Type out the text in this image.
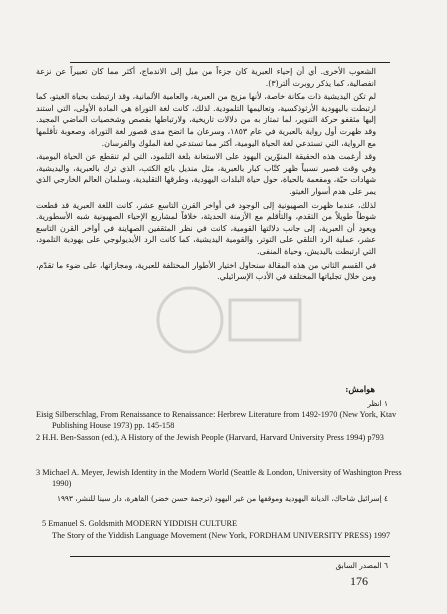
الشعوب الأخرى. أي أن إحياء العبرية كان جزءاً من ميل إلى الاندماج، أكثر مما كان تعبيراً عن نزعة انفصالية، كما يذكر روبرت ألتر(٣).

لم تكن اليديشية ذات مكانة خاصة، لأنها مزيج من العبرية، والعامية الألمانية، وقد ارتبطت بحياة الغيتو، كما ارتبطت باليهودية الأرثوذكسية، وتعاليمها التلمودية. لذلك، كانت لغة التوراة هي المادة الأولى، التي استند إليها مثقفو حركة التنوير، لما تمتاز به من دلالات تاريخية، ولارتباطها بقصص وشخصيات الماضي المجيد. وقد ظهرت أول رواية بالعبرية في عام ١٨٥٣، وسرعان ما اتضح مدى قصور لغة التوراة، وصعوبة تأقلمها مع الرواية، التي تستدعي لغة الحياة اليومية، أكثر مما تستدعي لغة الملوك والفرسان.

وقد أرغمت هذه الحقيقة المنوّرين اليهود على الاستعانة بلغة التلمود، التي لم تنقطع عن الحياة اليومية، وفي وقت قصير نسبياً ظهر كتّاب كبار بالعبرية، مثل منديل بائع الكتب، الذي ترك بالعبرية، واليديشية، شهادات حيّة، ومفعمة بالحياة، حول حياة البلدات اليهودية، وطرقها التقليدية، وسلمان العالم الخارجي الذي يمر على هدم أسوار الغيتو.

لذلك، عندما ظهرت الصهيونية إلى الوجود في أواخر القرن التاسع عشر، كانت اللغة العبرية قد قطعت شوطاً طويلاً من التقدم، والتأقلم مع الأزمنة الحديثة، خلافاً لمشاريع الإحياء الصهيونية شبه الأسطورية. ويعود أن العبرية، إلى جانب دلالتها القومية، كانت في نظر المثقفين الصهاينة في أواخر القرن التاسع عشر، عملية الرد التلقي على التوتر، والقومية اليديشية، كما كانت الرد الأيديولوجي على يهودية التلمود، التي ارتبطت باليديش، وحياة المنفى.

في القسم الثاني من هذه المقالة سنحاول اختيار الأطوار المختلفة للعبرية، ومجازاتها، على ضوء ما تقدّم، ومن خلال تجلياتها المختلفة في الأدب الإسرائيلي.

هوامش:
١ انظر
Eisig Silberschlag, From Renaissance to Renaissance: Herbrew Literature from 1492-1970 (New York, Ktav Publishing House 1973) pp. 145-158
2 H.H. Ben-Sasson (ed.), A History of the Jewish People (Harvard, Harvard University Press 1994) p793
3 Michael A. Meyer, Jewish Identity in the Modern World (Seattle & London, University of Washington Press 1990)
٤ إسرائيل شاحاك، الديانة اليهودية وموقفها من غير اليهود (ترجمة حسن خضر) القاهرة، دار سينا للنشر، ١٩٩٣
5 Emanuel S. Goldsmith MODERN YIDDISH CULTURE
The Story of the Yiddish Language Movement (New York, FORDHAM UNIVERSITY PRESS) 1997
٦ المصدر السابق
176
